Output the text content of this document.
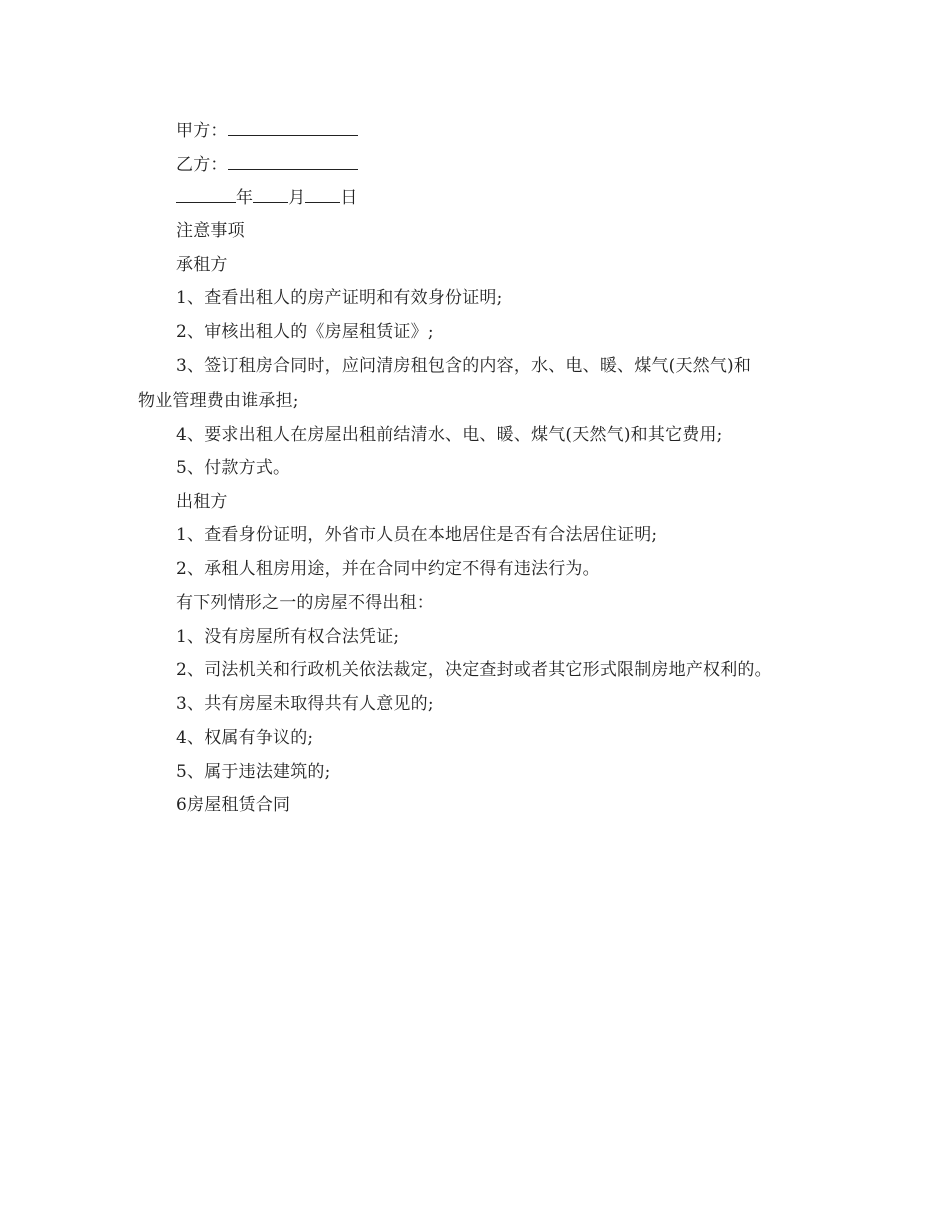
甲方：
乙方：
年 月 日
注意事项
承租方
1、查看出租人的房产证明和有效身份证明;
2、审核出租人的《房屋租赁证》;
3、签订租房合同时，应问清房租包含的内容，水、电、暖、煤气(天然气)和
物业管理费由谁承担;
4、要求出租人在房屋出租前结清水、电、暖、煤气(天然气)和其它费用;
5、付款方式。
出租方
1、查看身份证明，外省市人员在本地居住是否有合法居住证明;
2、承租人租房用途，并在合同中约定不得有违法行为。
有下列情形之一的房屋不得出租：
1、没有房屋所有权合法凭证;
2、司法机关和行政机关依法裁定，决定查封或者其它形式限制房地产权利的。
3、共有房屋未取得共有人意见的;
4、权属有争议的;
5、属于违法建筑的;
6房屋租赁合同
